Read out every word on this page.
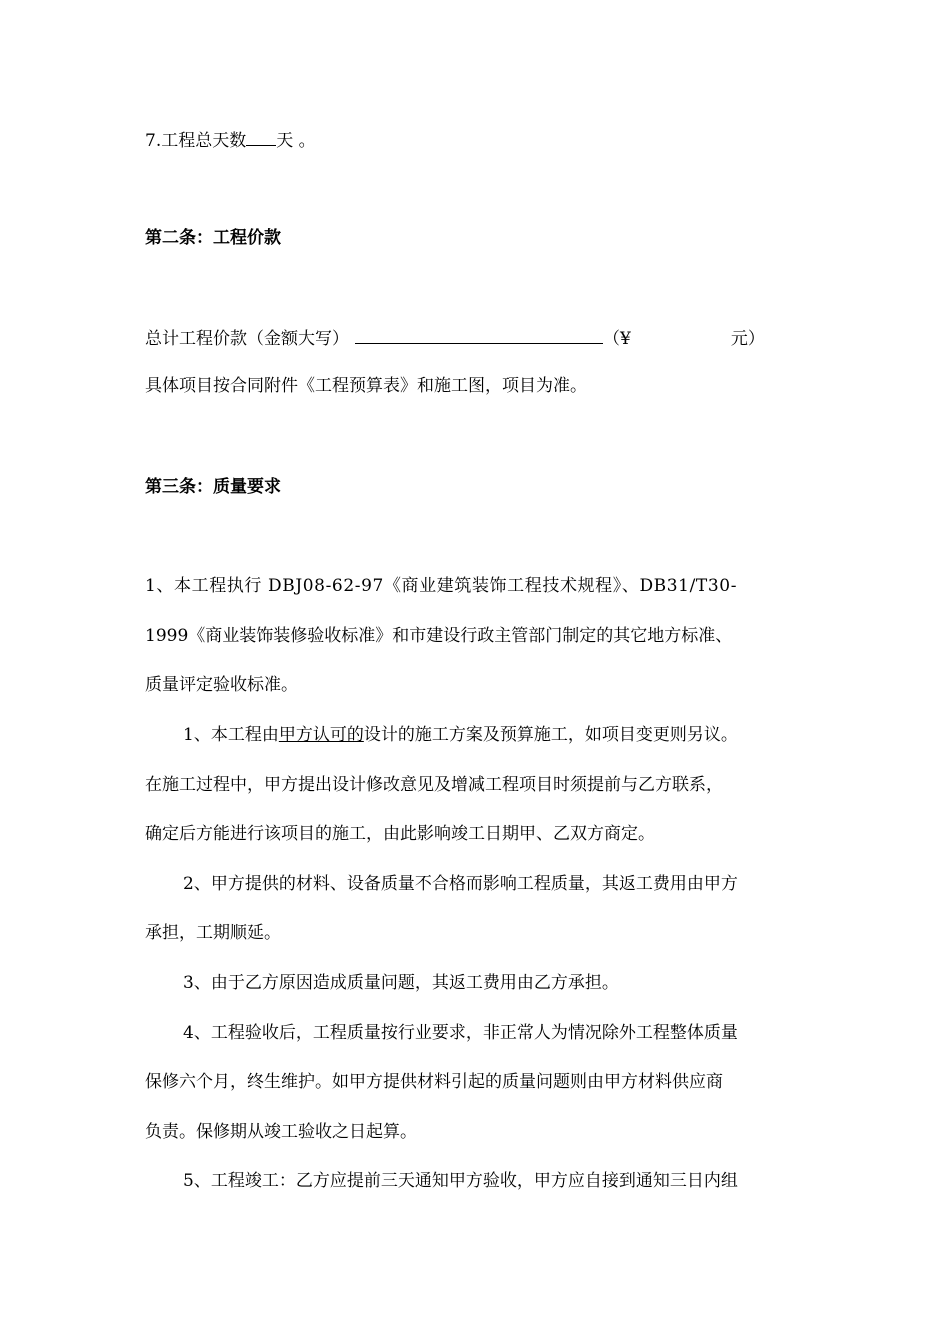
7.工程总天数 天 。
第二条：工程价款
总计工程价款（金额大写）	（¥	元）
具体项目按合同附件《工程预算表》和施工图，项目为准。
第三条：质量要求
1、本工程执行 DBJ08-62-97《商业建筑装饰工程技术规程》、DB31/T30-
1999《商业装饰装修验收标准》和市建设行政主管部门制定的其它地方标准、
质量评定验收标准。
1、本工程由甲方认可的设计的施工方案及预算施工，如项目变更则另议。
在施工过程中，甲方提出设计修改意见及增减工程项目时须提前与乙方联系，
确定后方能进行该项目的施工，由此影响竣工日期甲、乙双方商定。
2、甲方提供的材料、设备质量不合格而影响工程质量，其返工费用由甲方
承担，工期顺延。
3、由于乙方原因造成质量问题，其返工费用由乙方承担。
4、工程验收后，工程质量按行业要求，非正常人为情况除外工程整体质量
保修六个月，终生维护。如甲方提供材料引起的质量问题则由甲方材料供应商
负责。保修期从竣工验收之日起算。
5、工程竣工：乙方应提前三天通知甲方验收，甲方应自接到通知三日内组
